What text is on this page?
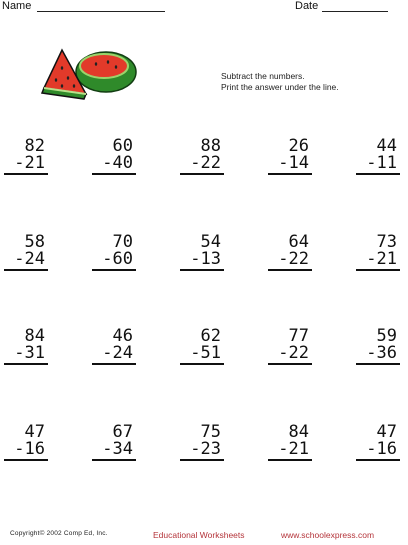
Name	Date
Subtract the numbers.
Print the answer under the line.
82
-21
60
-40
88
-22
26
-14
44
-11
58
-24
70
-60
54
-13
64
-22
73
-21
84
-31
46
-24
62
-51
77
-22
59
-36
47
-16
67
-34
75
-23
84
-21
47
-16
Copyright© 2002 Comp Ed, Inc.	Educational Worksheets	www.schoolexpress.com
